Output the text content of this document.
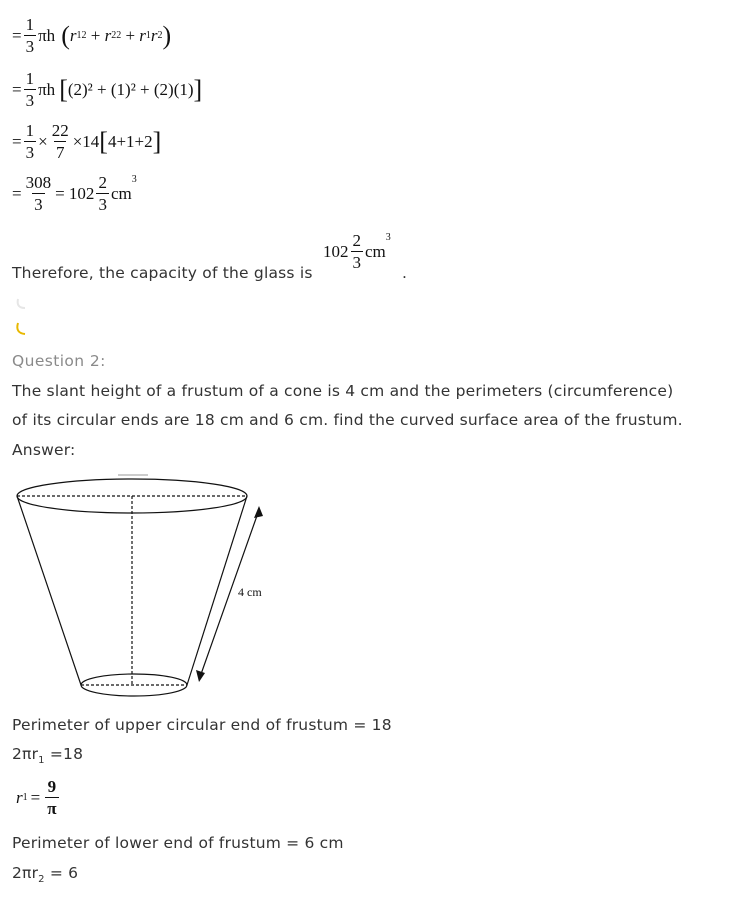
= $\frac{1}{3}$ πh ( r 1 2 + r 2 2 + r 1 r 2 )
= $\frac{1}{3}$ πh [ (2)² + (1)² + (2)(1) ]
= $\frac{1}{3} \times \frac{22}{7} \times 14$ [ 4+1+2 ]
= $\frac{308}{3} = 102 \frac{2}{3}$ cm
$^3$
Therefore, the capacity of the glass is
$102 \frac{2}{3}$ cm
$^3$
.
Question 2:
The slant height of a frustum of a cone is 4 cm and the perimeters (circumference)
of its circular ends are 18 cm and 6 cm. find the curved surface area of the frustum.
Answer:
4 cm
Perimeter of upper circular end of frustum = 18
$2\pi r_1 =18$
r $1 = \frac{9}{\pi}$
Perimeter of lower end of frustum = 6 cm
$2\pi r_2 = 6$
